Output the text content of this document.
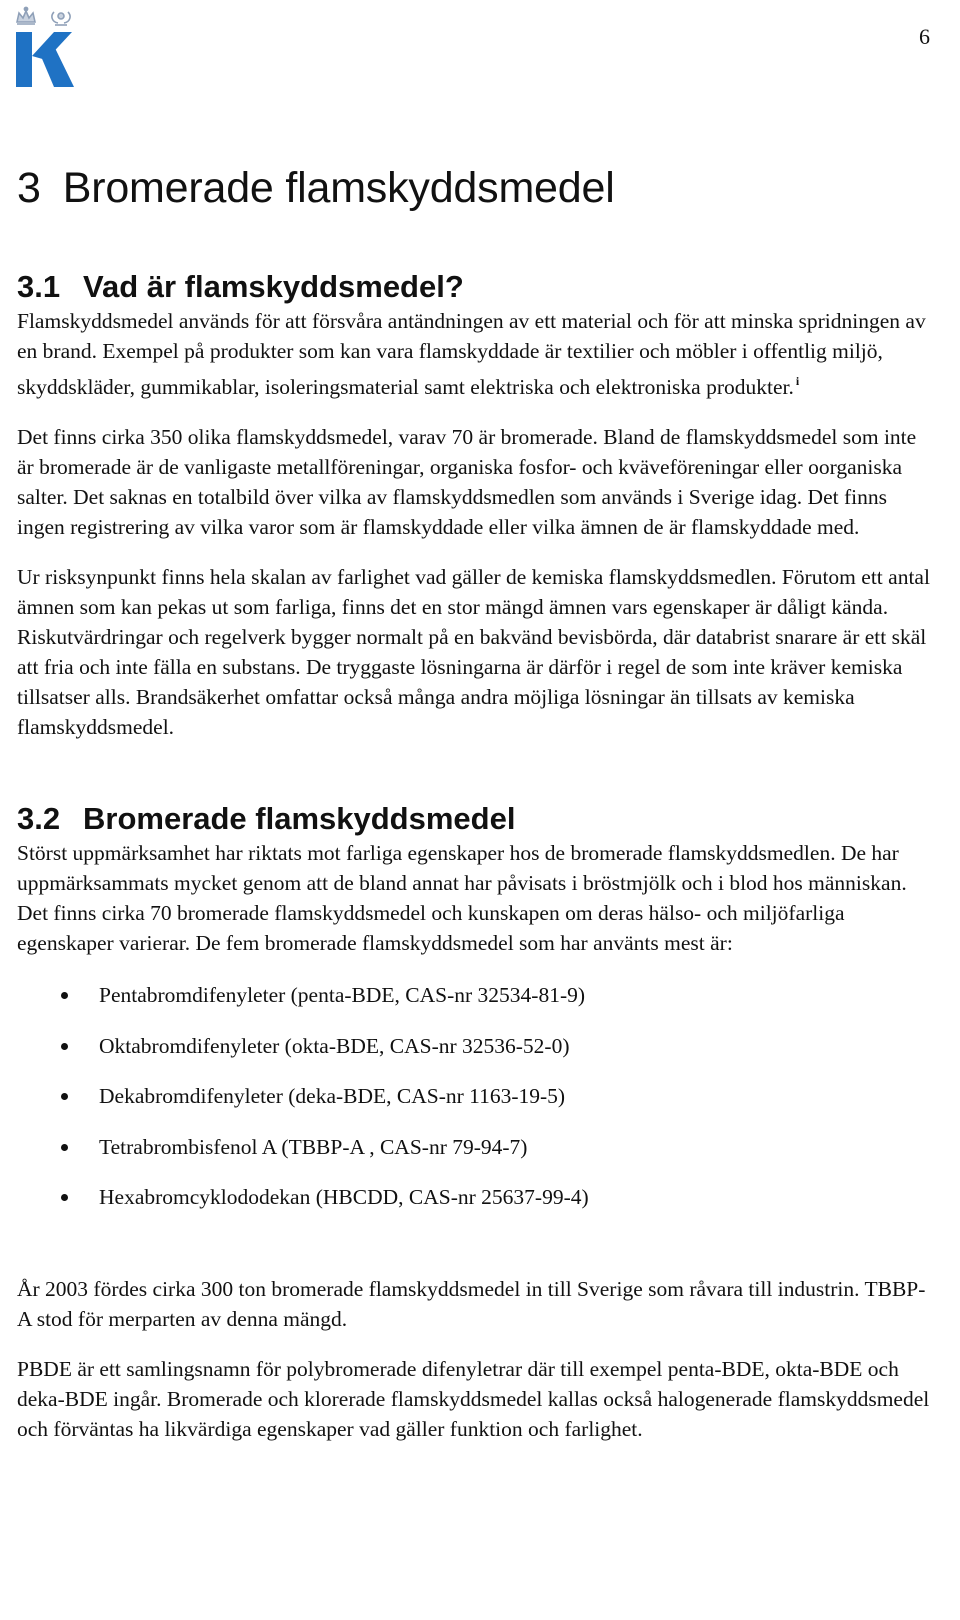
6
3 Bromerade flamskyddsmedel
3.1 Vad är flamskyddsmedel?

Flamskyddsmedel används för att försvåra antändningen av ett material och för att minska spridningen av en brand. Exempel på produkter som kan vara flamskyddade är textilier och möbler i offentlig miljö, skyddskläder, gummikablar, isoleringsmaterial samt elektriska och elektroniska produkter. $^i$

Det finns cirka 350 olika flamskyddsmedel, varav 70 är bromerade. Bland de flamskyddsmedel som inte är bromerade är de vanligaste metallföreningar, organiska fosfor- och kväveföreningar eller oorganiska salter. Det saknas en totalbild över vilka av flamskyddsmedlen som används i Sverige idag. Det finns ingen registrering av vilka varor som är flamskyddade eller vilka ämnen de är flamskyddade med.

Ur risksynpunkt finns hela skalan av farlighet vad gäller de kemiska flamskyddsmedlen. Förutom ett antal ämnen som kan pekas ut som farliga, finns det en stor mängd ämnen vars egenskaper är dåligt kända. Riskutvärdringar och regelverk bygger normalt på en bakvänd bevisbörda, där databrist snarare är ett skäl att fria och inte fälla en substans. De tryggaste lösningarna är därför i regel de som inte kräver kemiska tillsatser alls. Brandsäkerhet omfattar också många andra möjliga lösningar än tillsats av kemiska flamskyddsmedel.

3.2 Bromerade flamskyddsmedel

Störst uppmärksamhet har riktats mot farliga egenskaper hos de bromerade flamskyddsmedlen. De har uppmärksammats mycket genom att de bland annat har påvisats i bröstmjölk och i blod hos människan. Det finns cirka 70 bromerade flamskyddsmedel och kunskapen om deras hälso- och miljöfarliga egenskaper varierar. De fem bromerade flamskyddsmedel som har använts mest är:

Pentabromdifenyleter (penta-BDE, CAS-nr 32534-81-9)
Oktabromdifenyleter (okta-BDE, CAS-nr 32536-52-0)
Dekabromdifenyleter (deka-BDE, CAS-nr 1163-19-5)
Tetrabrombisfenol A (TBBP-A , CAS-nr 79-94-7)
Hexabromcyklododekan (HBCDD, CAS-nr 25637-99-4)

År 2003 fördes cirka 300 ton bromerade flamskyddsmedel in till Sverige som råvara till industrin. TBBP-A stod för merparten av denna mängd.

PBDE är ett samlingsnamn för polybromerade difenyletrar där till exempel penta-BDE, okta-BDE och deka-BDE ingår. Bromerade och klorerade flamskyddsmedel kallas också halogenerade flamskyddsmedel och förväntas ha likvärdiga egenskaper vad gäller funktion och farlighet.
